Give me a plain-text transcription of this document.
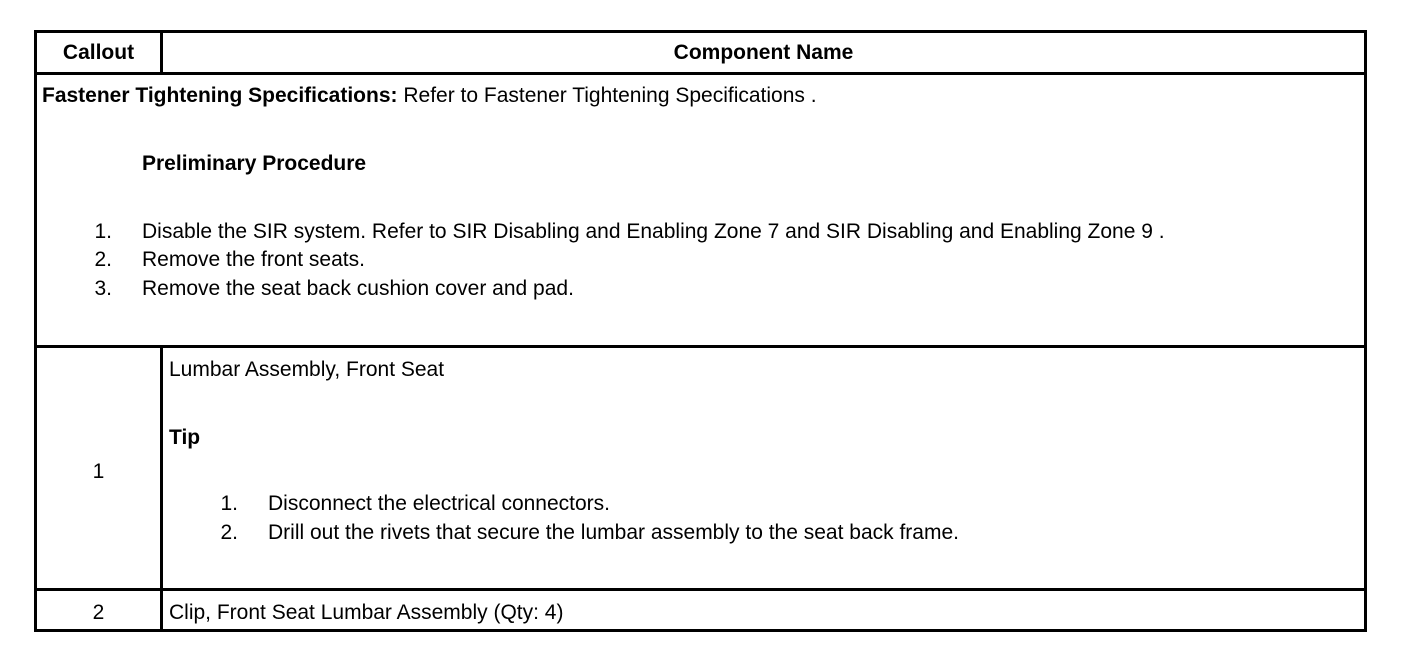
Callout	Component Name
Fastener Tightening Specifications: Refer to Fastener Tightening Specifications .
Preliminary Procedure
1. Disable the SIR system. Refer to SIR Disabling and Enabling Zone 7 and SIR Disabling and Enabling Zone 9 .
2. Remove the front seats.
3. Remove the seat back cushion cover and pad.
1
Lumbar Assembly, Front Seat
Tip
1. Disconnect the electrical connectors.
2. Drill out the rivets that secure the lumbar assembly to the seat back frame.
2	Clip, Front Seat Lumbar Assembly (Qty: 4)
